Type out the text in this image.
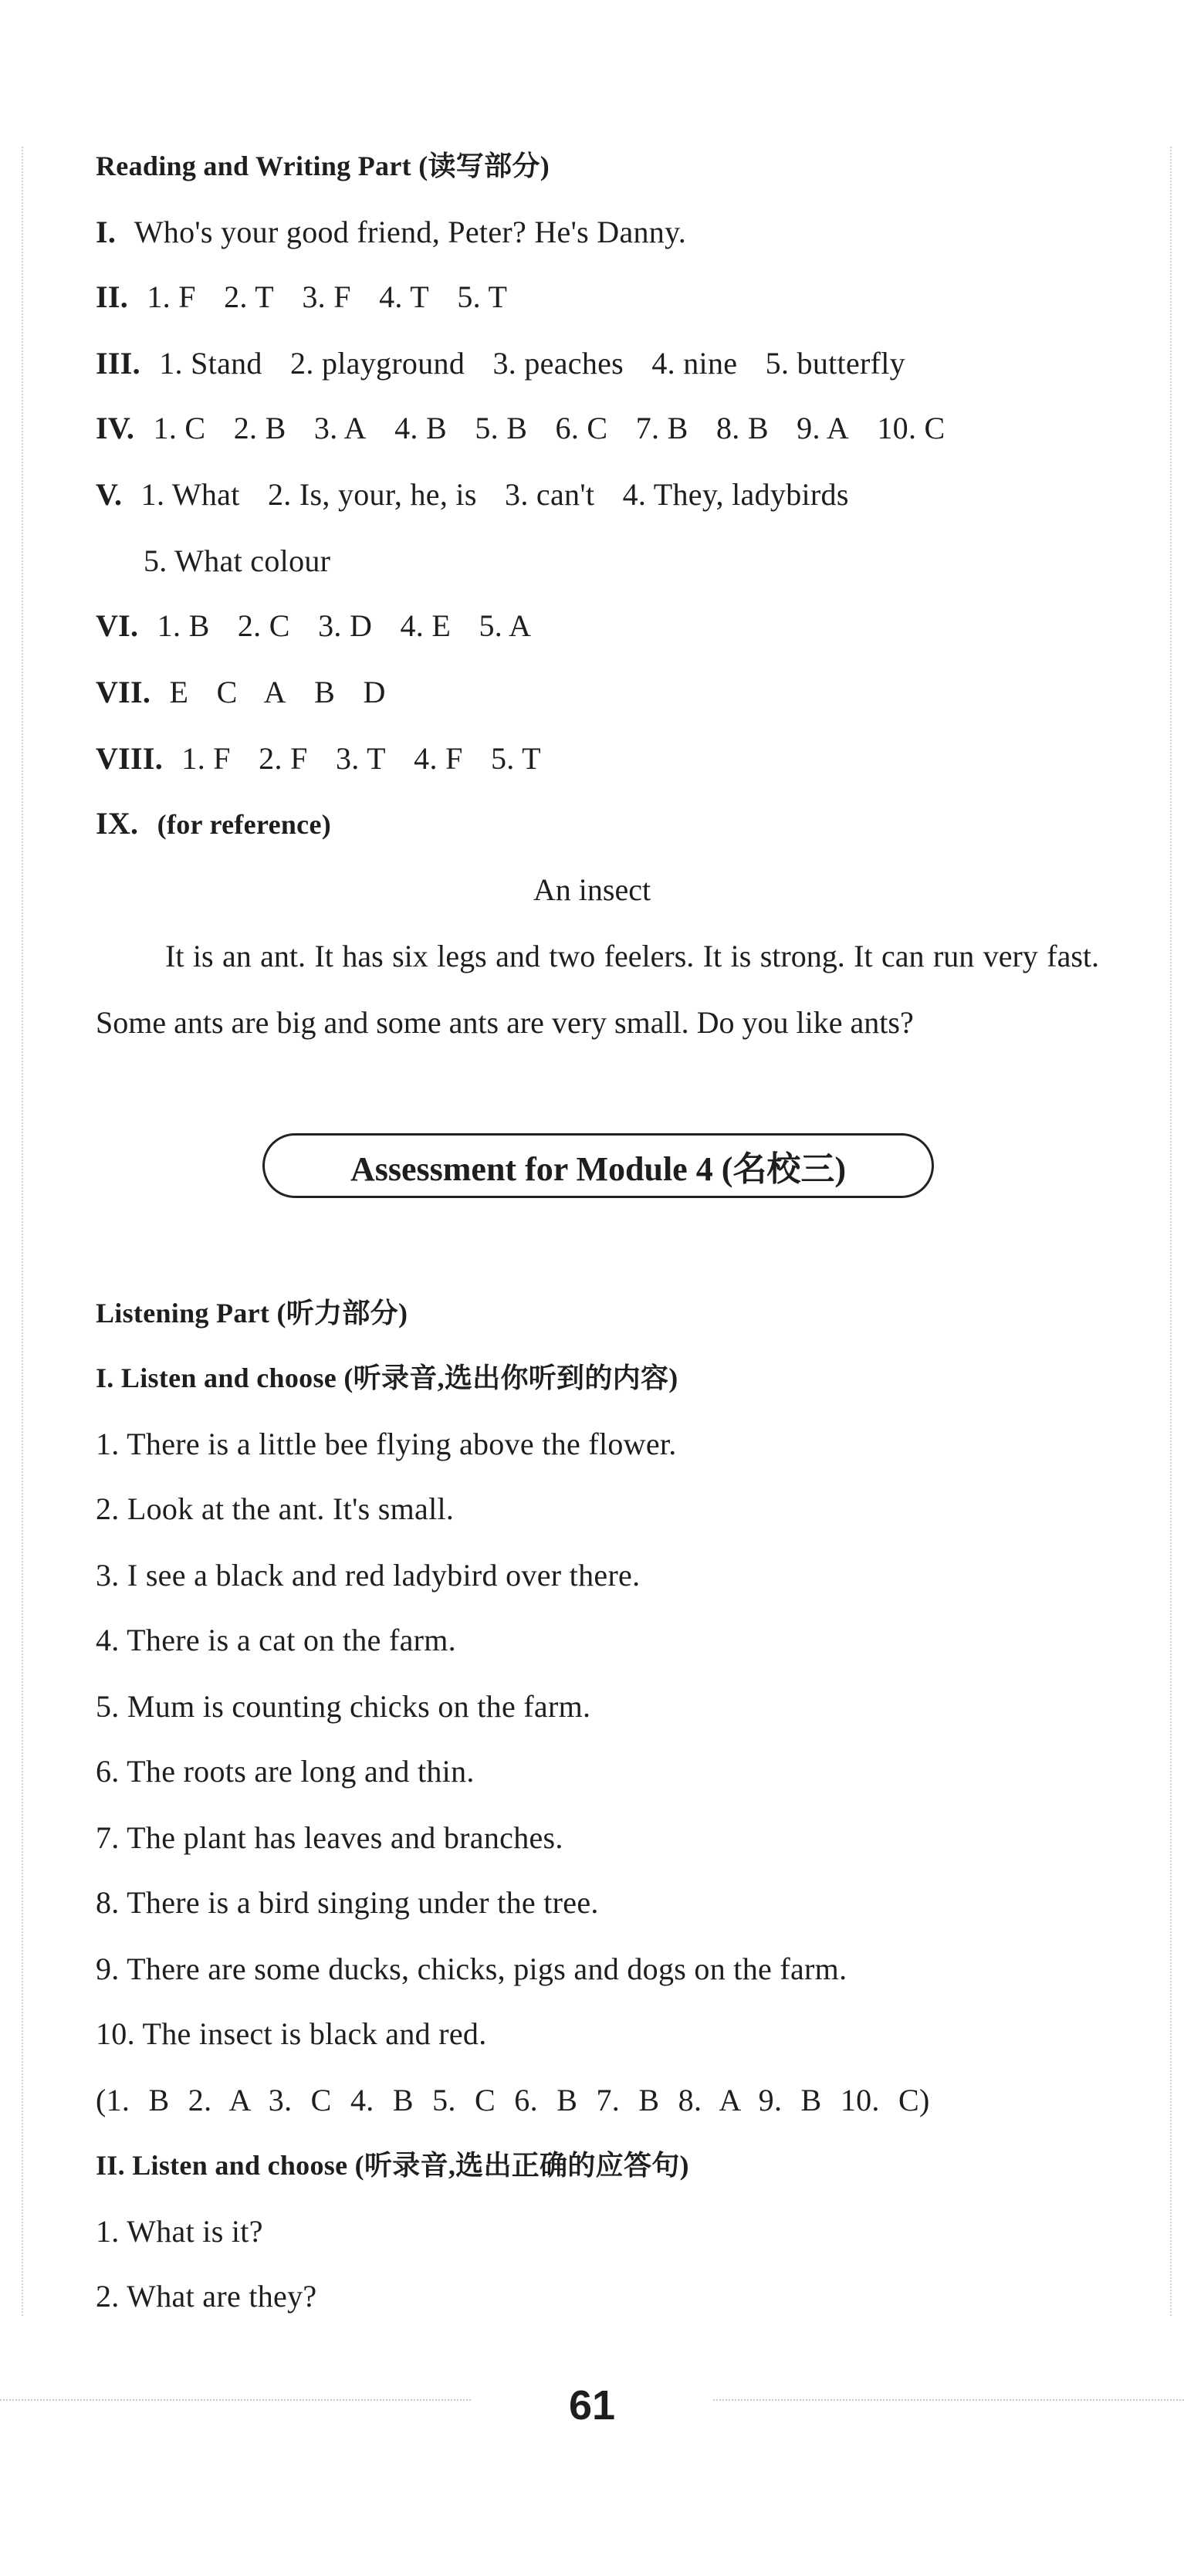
Reading and Writing Part (读写部分)
I. Who's your good friend, Peter? He's Danny.
II. 1. F 2. T 3. F 4. T 5. T
III. 1. Stand 2. playground 3. peaches 4. nine 5. butterfly
IV. 1. C 2. B 3. A 4. B 5. B 6. C 7. B 8. B 9. A 10. C
V. 1. What 2. Is, your, he, is 3. can't 4. They, ladybirds
5. What colour
VI. 1. B 2. C 3. D 4. E 5. A
VII. E C A B D
VIII. 1. F 2. F 3. T 4. F 5. T
IX. (for reference)
An insect
It is an ant. It has six legs and two feelers. It is strong. It can run very fast. Some ants are big and some ants are very small. Do you like ants?
Assessment for Module 4 (名校三)
Listening Part (听力部分)
I. Listen and choose (听录音,选出你听到的内容)
1. There is a little bee flying above the flower.
2. Look at the ant. It's small.
3. I see a black and red ladybird over there.
4. There is a cat on the farm.
5. Mum is counting chicks on the farm.
6. The roots are long and thin.
7. The plant has leaves and branches.
8. There is a bird singing under the tree.
9. There are some ducks, chicks, pigs and dogs on the farm.
10. The insect is black and red.
(1. B 2. A 3. C 4. B 5. C 6. B 7. B 8. A 9. B 10. C)
II. Listen and choose (听录音,选出正确的应答句)
1. What is it?
2. What are they?
61
